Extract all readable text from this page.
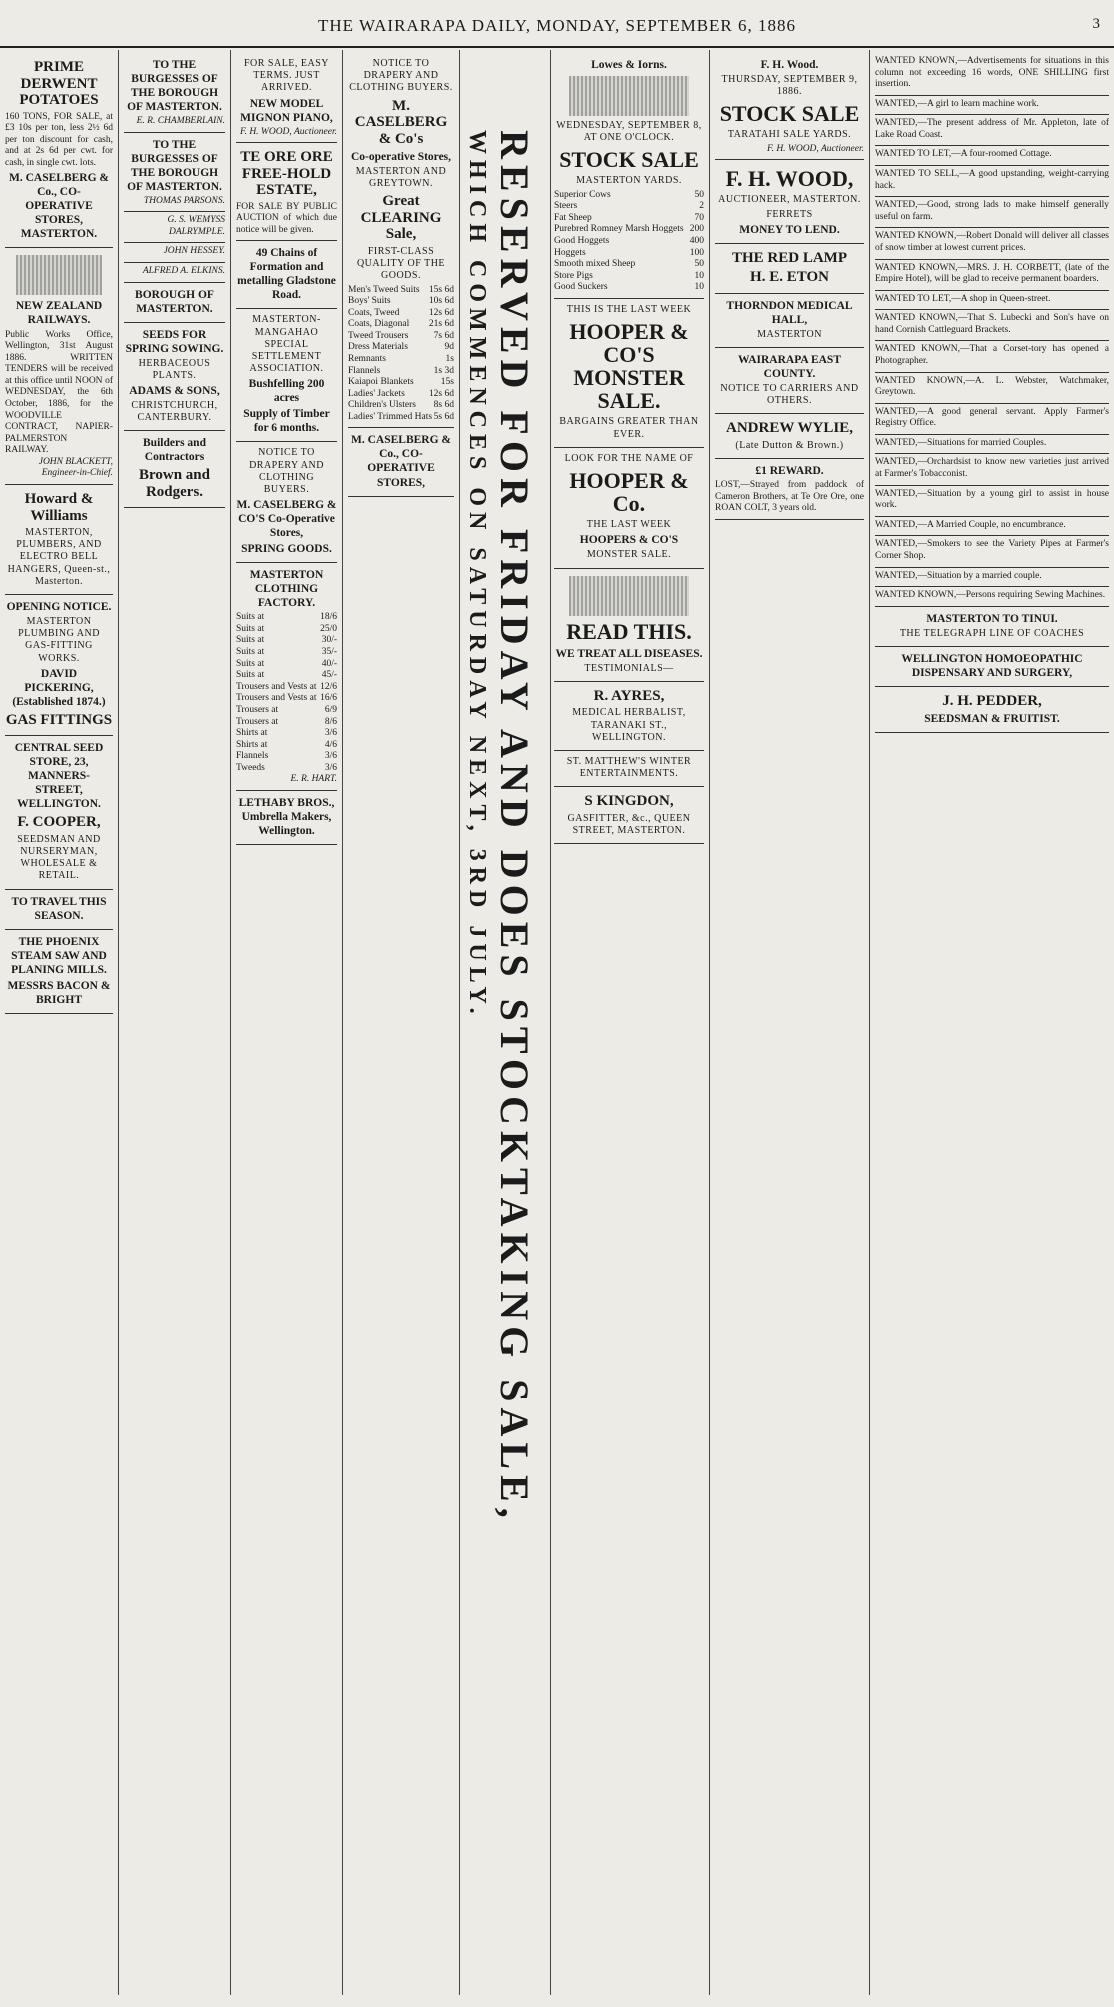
THE WAIRARAPA DAILY, MONDAY, SEPTEMBER 6, 1886	3
PRIME DERWENT POTATOES
160 TONS, FOR SALE, at £3 10s per ton, less 2½ 6d per ton discount for cash, and at 2s 6d per cwt. for cash, in single cwt. lots.
M. CASELBERG & Co., CO-OPERATIVE STORES, MASTERTON.
NEW ZEALAND RAILWAYS.
Public Works Office, Wellington, 31st August 1886. WRITTEN TENDERS will be received at this office until NOON of WEDNESDAY, the 6th October, 1886, for the WOODVILLE CONTRACT, NAPIER-PALMERSTON RAILWAY.
JOHN BLACKETT, Engineer-in-Chief.
Howard & Williams
MASTERTON, PLUMBERS, AND ELECTRO BELL HANGERS, Queen-st., Masterton.
OPENING NOTICE.
MASTERTON PLUMBING AND GAS-FITTING WORKS.
DAVID PICKERING, (Established 1874.)
GAS FITTINGS
CENTRAL SEED STORE, 23, MANNERS-STREET, WELLINGTON.
F. COOPER,
SEEDSMAN AND NURSERYMAN, WHOLESALE & RETAIL.
TO TRAVEL THIS SEASON.
THE PHOENIX STEAM SAW AND PLANING MILLS.
MESSRS BACON & BRIGHT
TO THE BURGESSES OF THE BOROUGH OF MASTERTON.
E. R. CHAMBERLAIN.
TO THE BURGESSES OF THE BOROUGH OF MASTERTON.
THOMAS PARSONS.
G. S. WEMYSS DALRYMPLE.
JOHN HESSEY.
ALFRED A. ELKINS.
BOROUGH OF MASTERTON.
SEEDS FOR SPRING SOWING.
HERBACEOUS PLANTS.
ADAMS & SONS,
CHRISTCHURCH, CANTERBURY.
Builders and Contractors
Brown and Rodgers.
FOR SALE, EASY TERMS. JUST ARRIVED.
NEW MODEL MIGNON PIANO,
F. H. WOOD, Auctioneer.
TE ORE ORE FREE-HOLD ESTATE,
FOR SALE BY PUBLIC AUCTION of which due notice will be given.
49 Chains of Formation and metalling Gladstone Road.
MASTERTON-MANGAHAO SPECIAL SETTLEMENT ASSOCIATION.
Bushfelling 200 acres
Supply of Timber for 6 months.
NOTICE TO DRAPERY AND CLOTHING BUYERS.
M. CASELBERG & CO'S Co-Operative Stores,
SPRING GOODS.
MASTERTON CLOTHING FACTORY.
Suits at	18/6
Suits at	25/0
Suits at	30/-
Suits at	35/-
Suits at	40/-
Suits at	45/-
Trousers and Vests at 12/6
Trousers and Vests at 16/6
Trousers at	6/9
Trousers at	8/6
Shirts at	3/6
Shirts at	4/6
Flannels	3/6
Tweeds	3/6
E. R. HART.
LETHABY BROS., Umbrella Makers, Wellington.
NOTICE TO DRAPERY AND CLOTHING BUYERS.
M. CASELBERG & Co's
Co-operative Stores,
MASTERTON AND GREYTOWN.
Great CLEARING Sale,
FIRST-CLASS QUALITY OF THE GOODS.
Men's Tweed Suits 15s 6d
Boys' Suits	10s 6d
Coats, Tweed	12s 6d
Coats, Diagonal 21s 6d
Tweed Trousers	7s 6d
Dress Materials	9d
Remnants	1s
Flannels	1s 3d
Kaiapoi Blankets	15s
Ladies' Jackets	12s 6d
Children's Ulsters 8s 6d
Ladies' Trimmed Hats 5s 6d
M. CASELBERG & Co., CO-OPERATIVE STORES,	RESERVED FOR FRIDAY AND DOES STOCKTAKING SALE,
WHICH COMMENCES ON SATURDAY NEXT, 3RD JULY.
Lowes & Iorns.
WEDNESDAY, SEPTEMBER 8, AT ONE O'CLOCK.
STOCK SALE
MASTERTON YARDS.
Superior Cows	50
Steers	2
Fat Sheep	70
Purebred Romney Marsh Hoggets 200
Good Hoggets	400
Hoggets	100
Smooth mixed Sheep	50
Store Pigs	10
Good Suckers	10
THIS IS THE LAST WEEK
HOOPER & CO'S MONSTER SALE.
BARGAINS GREATER THAN EVER.
LOOK FOR THE NAME OF
HOOPER & Co.
THE LAST WEEK
HOOPERS & CO'S
MONSTER SALE.
READ THIS.
WE TREAT ALL DISEASES.
TESTIMONIALS—
R. AYRES,
MEDICAL HERBALIST, TARANAKI ST., WELLINGTON.
ST. MATTHEW'S WINTER ENTERTAINMENTS.
S KINGDON,
GASFITTER, &c., QUEEN STREET, MASTERTON.
F. H. Wood.
THURSDAY, SEPTEMBER 9, 1886.
STOCK SALE
TARATAHI SALE YARDS.
F. H. WOOD, Auctioneer.
F. H. WOOD,
AUCTIONEER, MASTERTON.
FERRETS
MONEY TO LEND.
THE RED LAMP
H. E. ETON
THORNDON MEDICAL HALL,
MASTERTON
WAIRARAPA EAST COUNTY.
NOTICE TO CARRIERS AND OTHERS.
ANDREW WYLIE,
(Late Dutton & Brown.)
£1 REWARD.
LOST,—Strayed from paddock of Cameron Brothers, at Te Ore Ore, one ROAN COLT, 3 years old.
WANTED KNOWN,—Advertisements for situations in this column not exceeding 16 words, ONE SHILLING first insertion.
WANTED,—A girl to learn machine work.
WANTED,—The present address of Mr. Appleton, late of Lake Road Coast.
WANTED TO LET,—A four-roomed Cottage.
WANTED TO SELL,—A good upstanding, weight-carrying hack.
WANTED,—Good, strong lads to make himself generally useful on farm.
WANTED KNOWN,—Robert Donald will deliver all classes of snow timber at lowest current prices.
WANTED KNOWN,—MRS. J. H. CORBETT, (late of the Empire Hotel), will be glad to receive permanent boarders.
WANTED TO LET,—A shop in Queen-street.
WANTED KNOWN,—That S. Lubecki and Son's have on hand Cornish Cattleguard Brackets.
WANTED KNOWN,—That a Corset-tory has opened a Photographer.
WANTED KNOWN,—A. L. Webster, Watchmaker, Greytown.
WANTED,—A good general servant. Apply Farmer's Registry Office.
WANTED,—Situations for married Couples.
WANTED,—Orchardsist to know new varieties just arrived at Farmer's Tobacconist.
WANTED,—Situation by a young girl to assist in house work.
WANTED,—A Married Couple, no encumbrance.
WANTED,—Smokers to see the Variety Pipes at Farmer's Corner Shop.
WANTED,—Situation by a married couple.
WANTED KNOWN,—Persons requiring Sewing Machines.
MASTERTON TO TINUI.
THE TELEGRAPH LINE OF COACHES
WELLINGTON HOMOEOPATHIC DISPENSARY AND SURGERY,
J. H. PEDDER,
SEEDSMAN & FRUITIST.
